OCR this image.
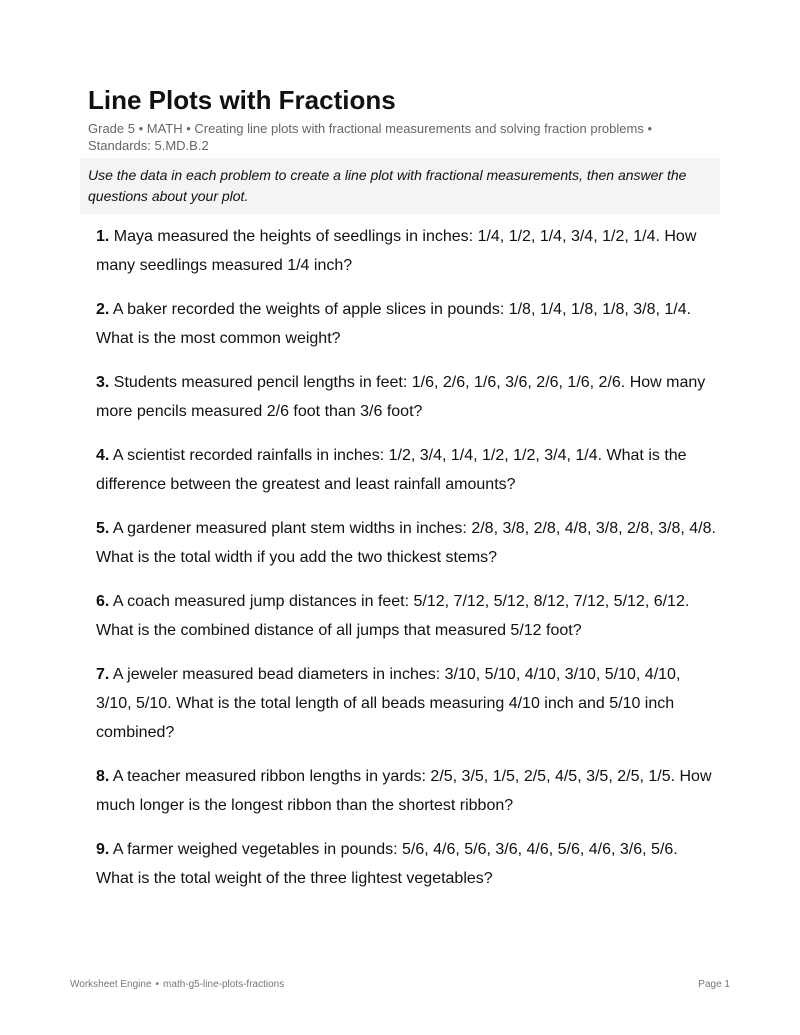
Line Plots with Fractions
Grade 5 • MATH • Creating line plots with fractional measurements and solving fraction problems • Standards: 5.MD.B.2
Use the data in each problem to create a line plot with fractional measurements, then answer the questions about your plot.
1. Maya measured the heights of seedlings in inches: 1/4, 1/2, 1/4, 3/4, 1/2, 1/4. How many seedlings measured 1/4 inch?
2. A baker recorded the weights of apple slices in pounds: 1/8, 1/4, 1/8, 1/8, 3/8, 1/4. What is the most common weight?
3. Students measured pencil lengths in feet: 1/6, 2/6, 1/6, 3/6, 2/6, 1/6, 2/6. How many more pencils measured 2/6 foot than 3/6 foot?
4. A scientist recorded rainfalls in inches: 1/2, 3/4, 1/4, 1/2, 1/2, 3/4, 1/4. What is the difference between the greatest and least rainfall amounts?
5. A gardener measured plant stem widths in inches: 2/8, 3/8, 2/8, 4/8, 3/8, 2/8, 3/8, 4/8. What is the total width if you add the two thickest stems?
6. A coach measured jump distances in feet: 5/12, 7/12, 5/12, 8/12, 7/12, 5/12, 6/12. What is the combined distance of all jumps that measured 5/12 foot?
7. A jeweler measured bead diameters in inches: 3/10, 5/10, 4/10, 3/10, 5/10, 4/10, 3/10, 5/10. What is the total length of all beads measuring 4/10 inch and 5/10 inch combined?
8. A teacher measured ribbon lengths in yards: 2/5, 3/5, 1/5, 2/5, 4/5, 3/5, 2/5, 1/5. How much longer is the longest ribbon than the shortest ribbon?
9. A farmer weighed vegetables in pounds: 5/6, 4/6, 5/6, 3/6, 4/6, 5/6, 4/6, 3/6, 5/6. What is the total weight of the three lightest vegetables?
Worksheet Engine • math-g5-line-plots-fractions	Page 1
